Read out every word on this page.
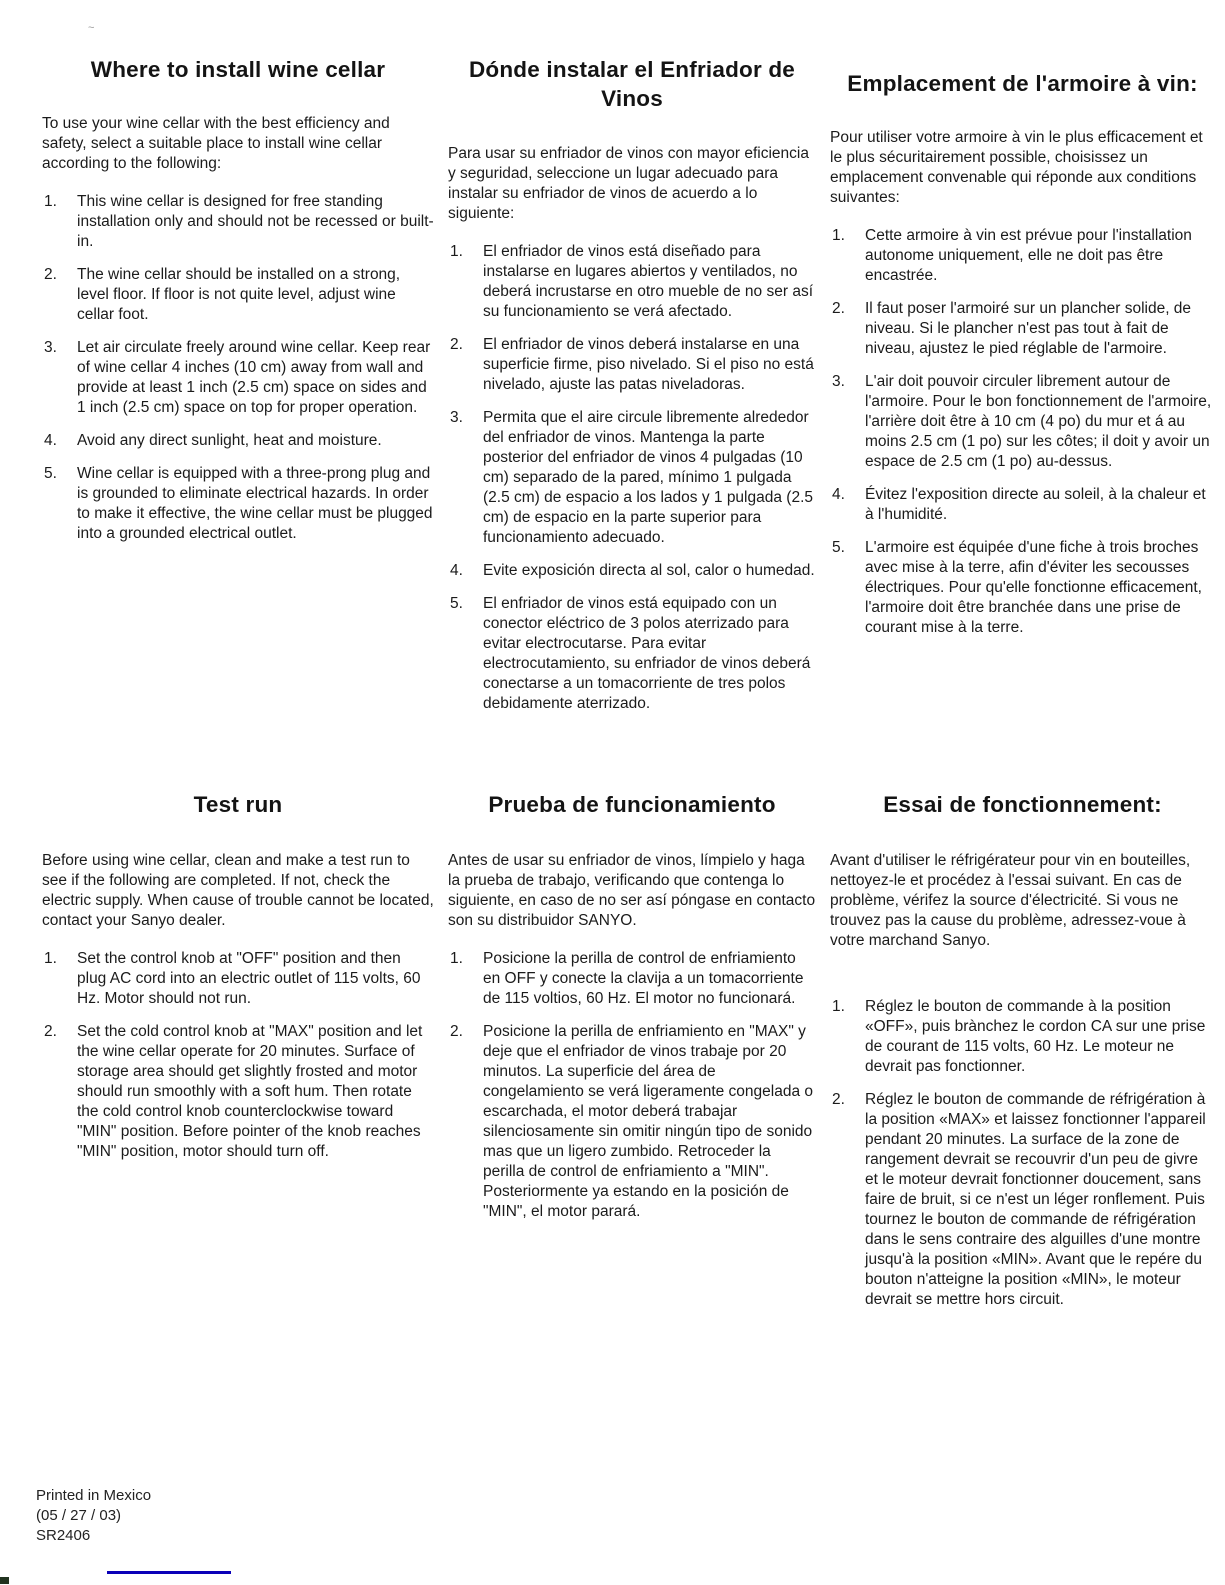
~
Where to install wine cellar

To use your wine cellar with the best efficiency and safety, select a suitable place to install wine cellar according to the following:

1.	This wine cellar is designed for free standing installation only and should not be recessed or built-in.
2.	The wine cellar should be installed on a strong, level floor. If floor is not quite level, adjust wine cellar foot.
3.	Let air circulate freely around wine cellar. Keep rear of wine cellar 4 inches (10 cm) away from wall and provide at least 1 inch (2.5 cm) space on sides and 1 inch (2.5 cm) space on top for proper operation.
4.	Avoid any direct sunlight, heat and moisture.
5.	Wine cellar is equipped with a three-prong plug and is grounded to eliminate electrical hazards. In order to make it effective, the wine cellar must be plugged into a grounded electrical outlet.
Dónde instalar el Enfriador de Vinos

Para usar su enfriador de vinos con mayor eficiencia y seguridad, seleccione un lugar adecuado para instalar su enfriador de vinos de acuerdo a lo siguiente:

1.	El enfriador de vinos está diseñado para instalarse en lugares abiertos y ventilados, no deberá incrustarse en otro mueble de no ser así su funcionamiento se verá afectado.
2.	El enfriador de vinos deberá instalarse en una superficie firme, piso nivelado. Si el piso no está nivelado, ajuste las patas niveladoras.
3.	Permita que el aire circule libremente alrededor del enfriador de vinos. Mantenga la parte posterior del enfriador de vinos 4 pulgadas (10 cm) separado de la pared, mínimo 1 pulgada (2.5 cm) de espacio a los lados y 1 pulgada (2.5 cm) de espacio en la parte superior para funcionamiento adecuado.
4.	Evite exposición directa al sol, calor o humedad.
5.	El enfriador de vinos está equipado con un conector eléctrico de 3 polos aterrizado para evitar electrocutarse. Para evitar electrocutamiento, su enfriador de vinos deberá conectarse a un tomacorriente de tres polos debidamente aterrizado.
Emplacement de l'armoire à vin:

Pour utiliser votre armoire à vin le plus efficacement et le plus sécuritairement possible, choisissez un emplacement convenable qui réponde aux conditions suivantes:

1.	Cette armoire à vin est prévue pour l'installation autonome uniquement, elle ne doit pas être encastrée.
2.	Il faut poser l'armoiré sur un plancher solide, de niveau. Si le plancher n'est pas tout à fait de niveau, ajustez le pied réglable de l'armoire.
3.	L'air doit pouvoir circuler librement autour de l'armoire. Pour le bon fonctionnement de l'armoire, l'arrière doit être à 10 cm (4 po) du mur et á au moins 2.5 cm (1 po) sur les côtes; il doit y avoir un espace de 2.5 cm (1 po) au-dessus.
4.	Évitez l'exposition directe au soleil, à la chaleur et à l'humidité.
5.	L'armoire est équipée d'une fiche à trois broches avec mise à la terre, afin d'éviter les secousses électriques. Pour qu'elle fonctionne efficacement, l'armoire doit être branchée dans une prise de courant mise à la terre.
Test run

Before using wine cellar, clean and make a test run to see if the following are completed. If not, check the electric supply. When cause of trouble cannot be located, contact your Sanyo dealer.

1.	Set the control knob at "OFF" position and then plug AC cord into an electric outlet of 115 volts, 60 Hz. Motor should not run.
2.	Set the cold control knob at "MAX" position and let the wine cellar operate for 20 minutes. Surface of storage area should get slightly frosted and motor should run smoothly with a soft hum. Then rotate the cold control knob counterclockwise toward "MIN" position. Before pointer of the knob reaches "MIN" position, motor should turn off.
Prueba de funcionamiento

Antes de usar su enfriador de vinos, límpielo y haga la prueba de trabajo, verificando que contenga lo siguiente, en caso de no ser así póngase en contacto son su distribuidor SANYO.

1.	Posicione la perilla de control de enfriamiento en OFF y conecte la clavija a un tomacorriente de 115 voltios, 60 Hz. El motor no funcionará.
2.	Posicione la perilla de enfriamiento en "MAX" y deje que el enfriador de vinos trabaje por 20 minutos. La superficie del área de congelamiento se verá ligeramente congelada o escarchada, el motor deberá trabajar silenciosamente sin omitir ningún tipo de sonido mas que un ligero zumbido. Retroceder la perilla de control de enfriamiento a "MIN". Posteriormente ya estando en la posición de "MIN", el motor parará.
Essai de fonctionnement:

Avant d'utiliser le réfrigérateur pour vin en bouteilles, nettoyez-le et procédez à l'essai suivant. En cas de problème, vérifez la source d'électricité. Si vous ne trouvez pas la cause du problème, adressez-voue à votre marchand Sanyo.

1.	Réglez le bouton de commande à la position «OFF», puis brànchez le cordon CA sur une prise de courant de 115 volts, 60 Hz. Le moteur ne devrait pas fonctionner.
2.	Réglez le bouton de commande de réfrigération à la position «MAX» et laissez fonctionner l'appareil pendant 20 minutes. La surface de la zone de rangement devrait se recouvrir d'un peu de givre et le moteur devrait fonctionner doucement, sans faire de bruit, si ce n'est un léger ronflement. Puis tournez le bouton de commande de réfrigération dans le sens contraire des alguilles d'une montre jusqu'à la position «MIN». Avant que le repére du bouton n'atteigne la position «MIN», le moteur devrait se mettre hors circuit.
Printed in Mexico
(05 / 27 / 03)
SR2406
